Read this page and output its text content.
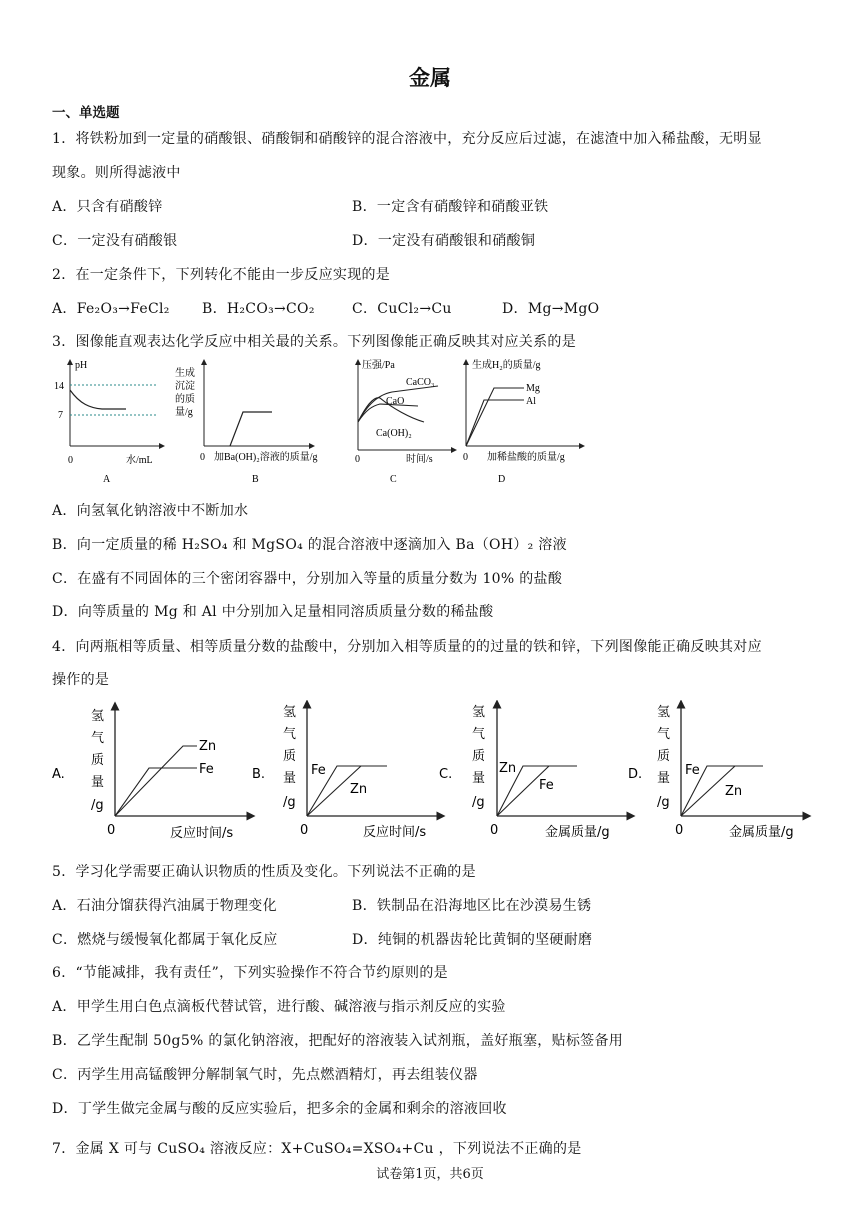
金属
一、单选题
1．将铁粉加到一定量的硝酸银、硝酸铜和硝酸锌的混合溶液中，充分反应后过滤，在滤渣中加入稀盐酸，无明显
现象。则所得滤液中
A．只含有硝酸锌	B．一定含有硝酸锌和硝酸亚铁
C．一定没有硝酸银	D．一定没有硝酸银和硝酸铜
2．在一定条件下，下列转化不能由一步反应实现的是
A．Fe₂O₃→FeCl₂ B．H₂CO₃→CO₂	C．CuCl₂→Cu	D．Mg→MgO
3．图像能直观表达化学反应中相关最的关系。下列图像能正确反映其对应关系的是
pH
14
7
0	水/mL
A
生成
沉淀
的质
量/g
0 加Ba(OH)₂溶液的质量/g
B
压强/Pa
CaCO₃
CaO
Ca(OH)₂
0	时间/s
C
生成H₂的质量/g
Mg
Al
0 加稀盐酸的质量/g
D
A．向氢氧化钠溶液中不断加水
B．向一定质量的稀 H₂SO₄ 和 MgSO₄ 的混合溶液中逐滴加入 Ba（OH）₂ 溶液
C．在盛有不同固体的三个密闭容器中，分别加入等量的质量分数为 10% 的盐酸
D．向等质量的 Mg 和 Al 中分别加入足量相同溶质质量分数的稀盐酸
4．向两瓶相等质量、相等质量分数的盐酸中，分别加入相等质量的的过量的铁和锌，下列图像能正确反映其对应
操作的是
A.
氢
气
质
量
/g
Zn
Fe
0	反应时间/s
B.
氢
气
质
量
/g
Fe
Zn
0	反应时间/s
C.
氢
气
质
量
/g
Zn
Fe
0	金属质量/g
D.
氢
气
质
量
/g
Fe
Zn
0	金属质量/g
5．学习化学需要正确认识物质的性质及变化。下列说法不正确的是
A．石油分馏获得汽油属于物理变化	B．铁制品在沿海地区比在沙漠易生锈
C．燃烧与缓慢氧化都属于氧化反应	D．纯铜的机器齿轮比黄铜的坚硬耐磨
6．“节能减排，我有责任”，下列实验操作不符合节约原则的是
A．甲学生用白色点滴板代替试管，进行酸、碱溶液与指示剂反应的实验
B．乙学生配制 50g5% 的氯化钠溶液，把配好的溶液装入试剂瓶，盖好瓶塞，贴标签备用
C．丙学生用高锰酸钾分解制氧气时，先点燃酒精灯，再去组装仪器
D．丁学生做完金属与酸的反应实验后，把多余的金属和剩余的溶液回收
7．金属 X 可与 CuSO₄ 溶液反应：X+CuSO₄=XSO₄+Cu ，下列说法不正确的是
试卷第1页，共6页
